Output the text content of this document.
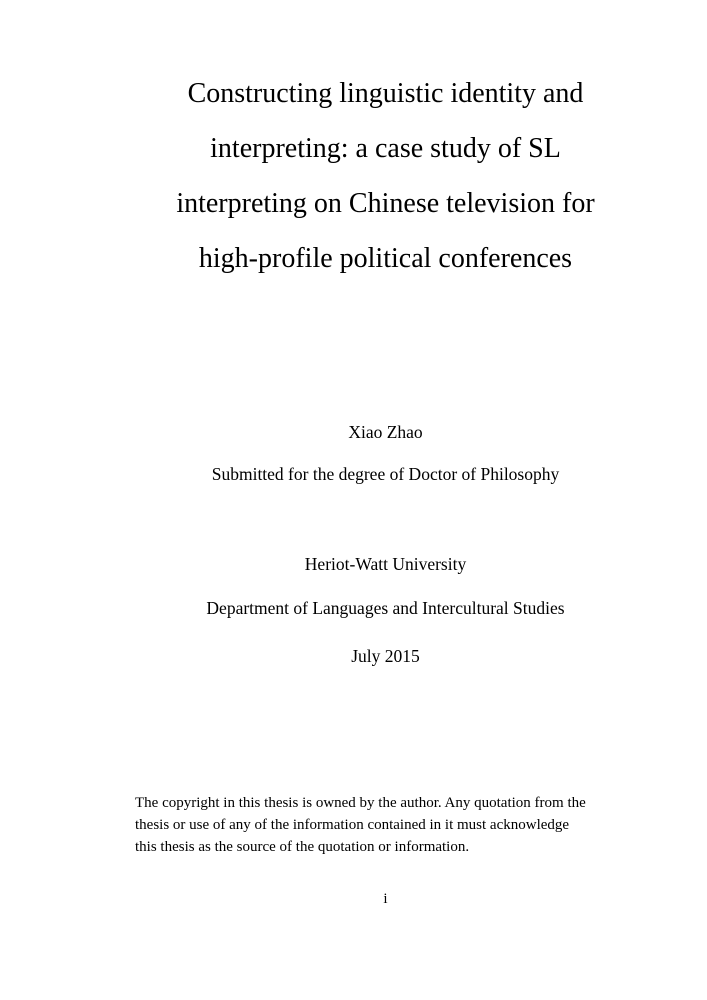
Constructing linguistic identity and
interpreting: a case study of SL
interpreting on Chinese television for
high-profile political conferences

Xiao Zhao

Submitted for the degree of Doctor of Philosophy

Heriot-Watt University

Department of Languages and Intercultural Studies

July 2015

The copyright in this thesis is owned by the author. Any quotation from the
thesis or use of any of the information contained in it must acknowledge
this thesis as the source of the quotation or information.

i
